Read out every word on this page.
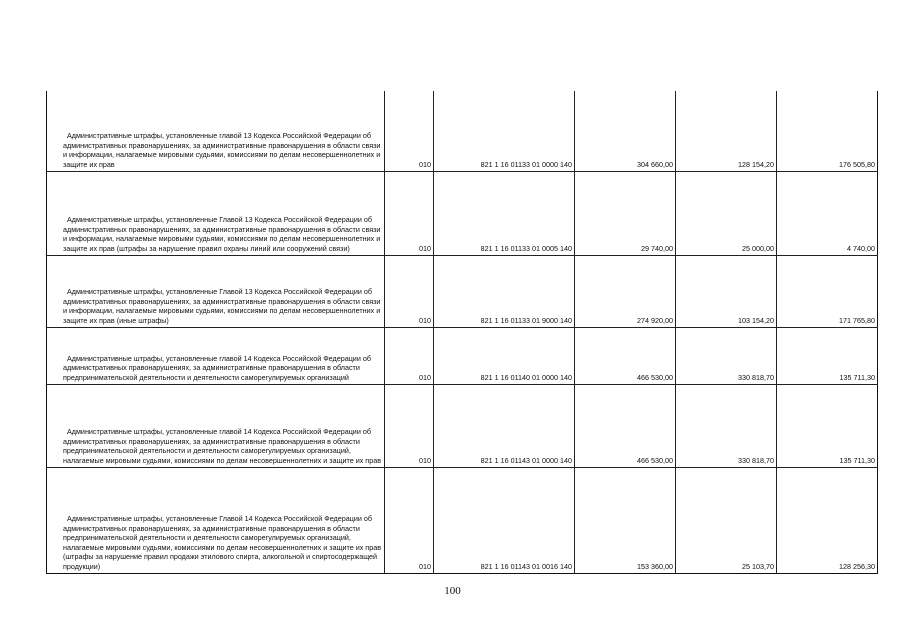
Административные штрафы, установленные главой 13 Кодекса Российской Федерации об административных правонарушениях, за административные правонарушения в области связи и информации, налагаемые мировыми судьями, комиссиями по делам несовершеннолетних и защите их прав	010	821 1 16 01133 01 0000 140	304 660,00	128 154,20	176 505,80

Административные штрафы, установленные Главой 13 Кодекса Российской Федерации об административных правонарушениях, за административные правонарушения в области связи и информации, налагаемые мировыми судьями, комиссиями по делам несовершеннолетних и защите их прав (штрафы за нарушение правил охраны линий или сооружений связи)	010	821 1 16 01133 01 0005 140	29 740,00	25 000,00	4 740,00

Административные штрафы, установленные Главой 13 Кодекса Российской Федерации об административных правонарушениях, за административные правонарушения в области связи и информации, налагаемые мировыми судьями, комиссиями по делам несовершеннолетних и защите их прав (иные штрафы)	010	821 1 16 01133 01 9000 140	274 920,00	103 154,20	171 765,80

Административные штрафы, установленные главой 14 Кодекса Российской Федерации об административных правонарушениях, за административные правонарушения в области предпринимательской деятельности и деятельности саморегулируемых организаций	010	821 1 16 01140 01 0000 140	466 530,00	330 818,70	135 711,30

Административные штрафы, установленные главой 14 Кодекса Российской Федерации об административных правонарушениях, за административные правонарушения в области предпринимательской деятельности и деятельности саморегулируемых организаций, налагаемые мировыми судьями, комиссиями по делам несовершеннолетних и защите их прав	010	821 1 16 01143 01 0000 140	466 530,00	330 818,70	135 711,30

Административные штрафы, установленные Главой 14 Кодекса Российской Федерации об административных правонарушениях, за административные правонарушения в области предпринимательской деятельности и деятельности саморегулируемых организаций, налагаемые мировыми судьями, комиссиями по делам несовершеннолетних и защите их прав (штрафы за нарушение правил продажи этилового спирта, алкогольной и спиртосодержащей продукции)	010	821 1 16 01143 01 0016 140	153 360,00	25 103,70	128 256,30
100
